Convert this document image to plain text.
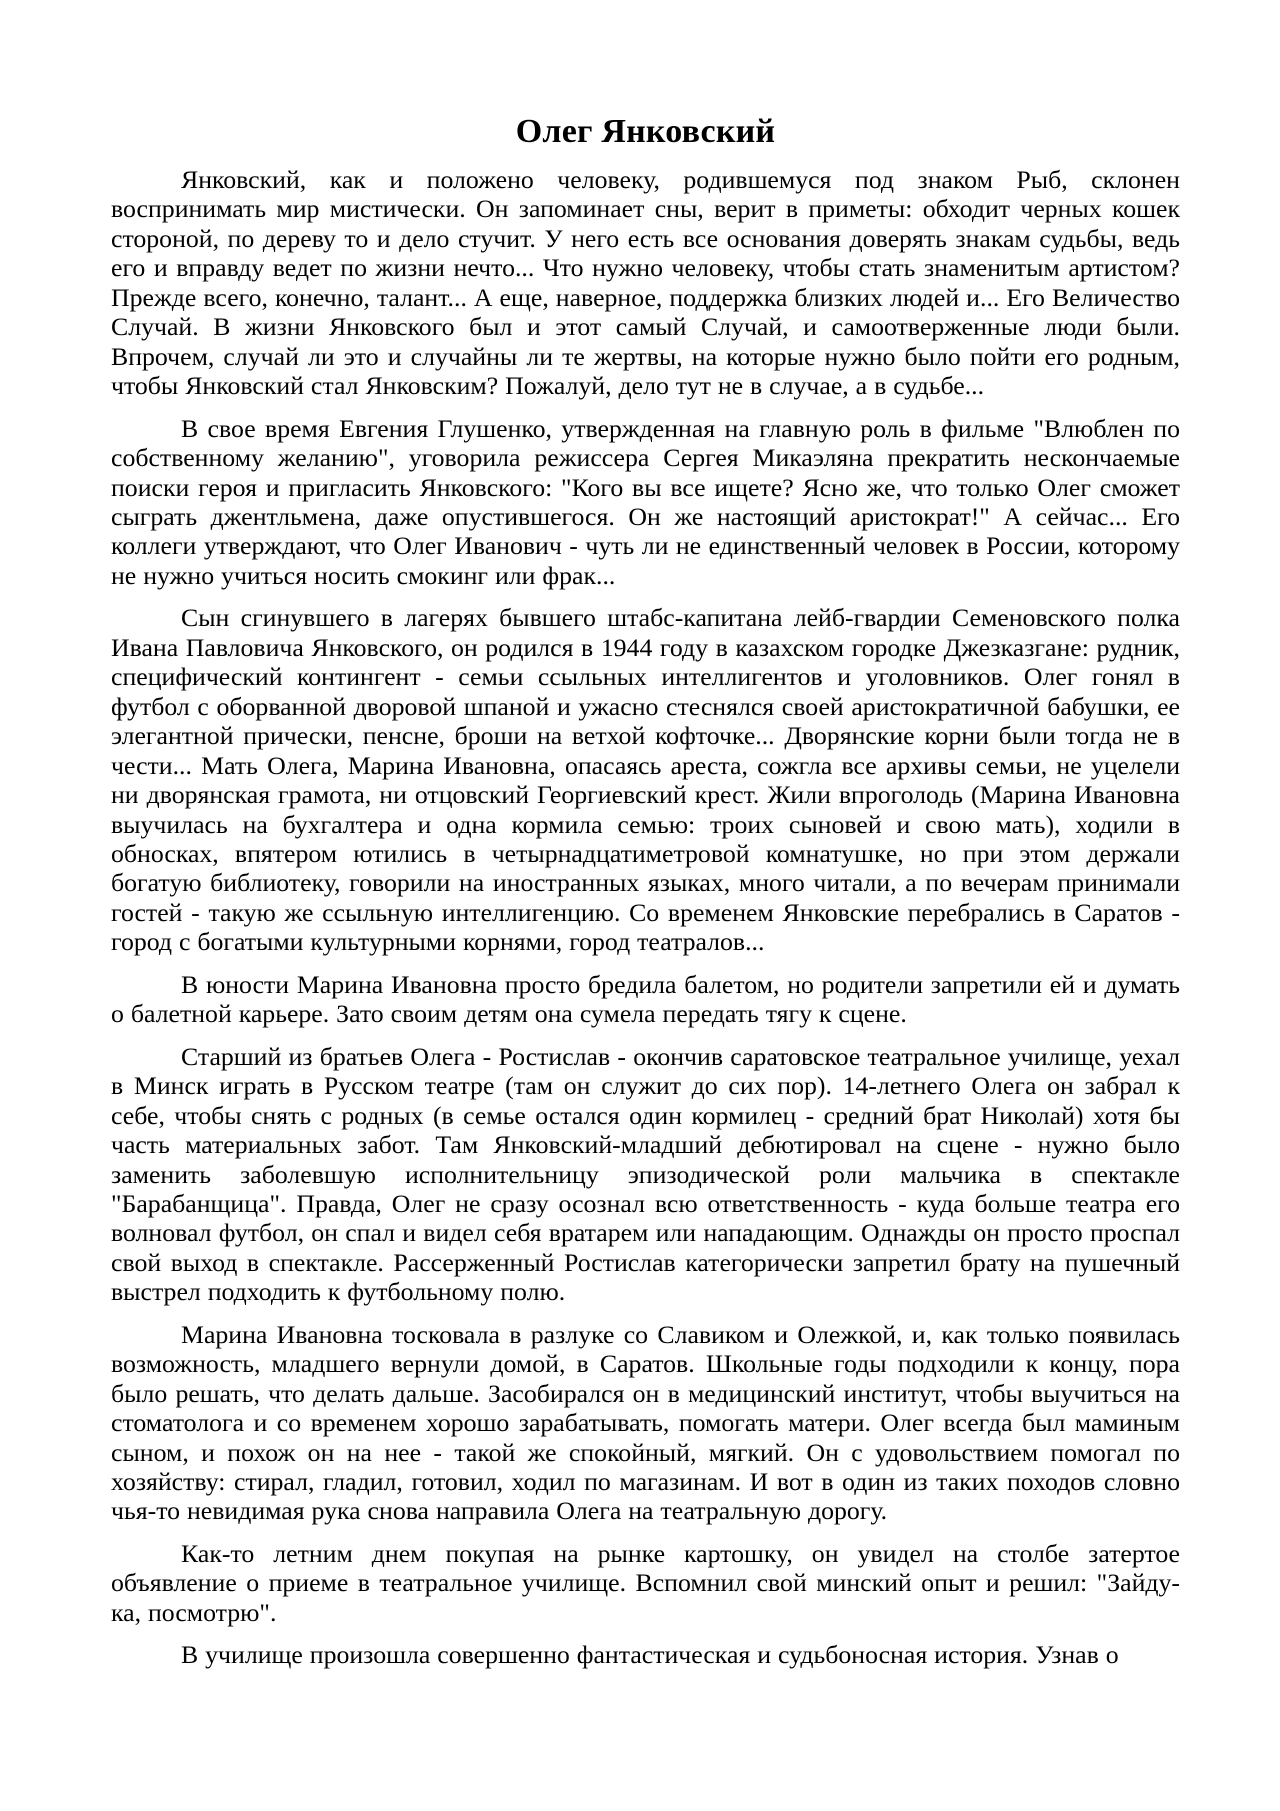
Олег Янковский

Янковский, как и положено человеку, родившемуся под знаком Рыб, склонен воспринимать мир мистически. Он запоминает сны, верит в приметы: обходит черных кошек стороной, по дереву то и дело стучит. У него есть все основания доверять знакам судьбы, ведь его и вправду ведет по жизни нечто... Что нужно человеку, чтобы стать знаменитым артистом? Прежде всего, конечно, талант... А еще, наверное, поддержка близких людей и... Его Величество Случай. В жизни Янковского был и этот самый Случай, и самоотверженные люди были. Впрочем, случай ли это и случайны ли те жертвы, на которые нужно было пойти его родным, чтобы Янковский стал Янковским? Пожалуй, дело тут не в случае, а в судьбе...

В свое время Евгения Глушенко, утвержденная на главную роль в фильме "Влюблен по собственному желанию", уговорила режиссера Сергея Микаэляна прекратить нескончаемые поиски героя и пригласить Янковского: "Кого вы все ищете? Ясно же, что только Олег сможет сыграть джентльмена, даже опустившегося. Он же настоящий аристократ!" А сейчас... Его коллеги утверждают, что Олег Иванович - чуть ли не единственный человек в России, которому не нужно учиться носить смокинг или фрак...

Сын сгинувшего в лагерях бывшего штабс-капитана лейб-гвардии Семеновского полка Ивана Павловича Янковского, он родился в 1944 году в казахском городке Джезказгане: рудник, специфический контингент - семьи ссыльных интеллигентов и уголовников. Олег гонял в футбол с оборванной дворовой шпаной и ужасно стеснялся своей аристократичной бабушки, ее элегантной прически, пенсне, броши на ветхой кофточке... Дворянские корни были тогда не в чести... Мать Олега, Марина Ивановна, опасаясь ареста, сожгла все архивы семьи, не уцелели ни дворянская грамота, ни отцовский Георгиевский крест. Жили впроголодь (Марина Ивановна выучилась на бухгалтера и одна кормила семью: троих сыновей и свою мать), ходили в обносках, впятером ютились в четырнадцатиметровой комнатушке, но при этом держали богатую библиотеку, говорили на иностранных языках, много читали, а по вечерам принимали гостей - такую же ссыльную интеллигенцию. Со временем Янковские перебрались в Саратов - город с богатыми культурными корнями, город театралов...

В юности Марина Ивановна просто бредила балетом, но родители запретили ей и думать о балетной карьере. Зато своим детям она сумела передать тягу к сцене.

Старший из братьев Олега - Ростислав - окончив саратовское театральное училище, уехал в Минск играть в Русском театре (там он служит до сих пор). 14-летнего Олега он забрал к себе, чтобы снять с родных (в семье остался один кормилец - средний брат Николай) хотя бы часть материальных забот. Там Янковский-младший дебютировал на сцене - нужно было заменить заболевшую исполнительницу эпизодической роли мальчика в спектакле "Барабанщица". Правда, Олег не сразу осознал всю ответственность - куда больше театра его волновал футбол, он спал и видел себя вратарем или нападающим. Однажды он просто проспал свой выход в спектакле. Рассерженный Ростислав категорически запретил брату на пушечный выстрел подходить к футбольному полю.

Марина Ивановна тосковала в разлуке со Славиком и Олежкой, и, как только появилась возможность, младшего вернули домой, в Саратов. Школьные годы подходили к концу, пора было решать, что делать дальше. Засобирался он в медицинский институт, чтобы выучиться на стоматолога и со временем хорошо зарабатывать, помогать матери. Олег всегда был маминым сыном, и похож он на нее - такой же спокойный, мягкий. Он с удовольствием помогал по хозяйству: стирал, гладил, готовил, ходил по магазинам. И вот в один из таких походов словно чья-то невидимая рука снова направила Олега на театральную дорогу.

Как-то летним днем покупая на рынке картошку, он увидел на столбе затертое объявление о приеме в театральное училище. Вспомнил свой минский опыт и решил: "Зайду-ка, посмотрю".

В училище произошла совершенно фантастическая и судьбоносная история. Узнав о
